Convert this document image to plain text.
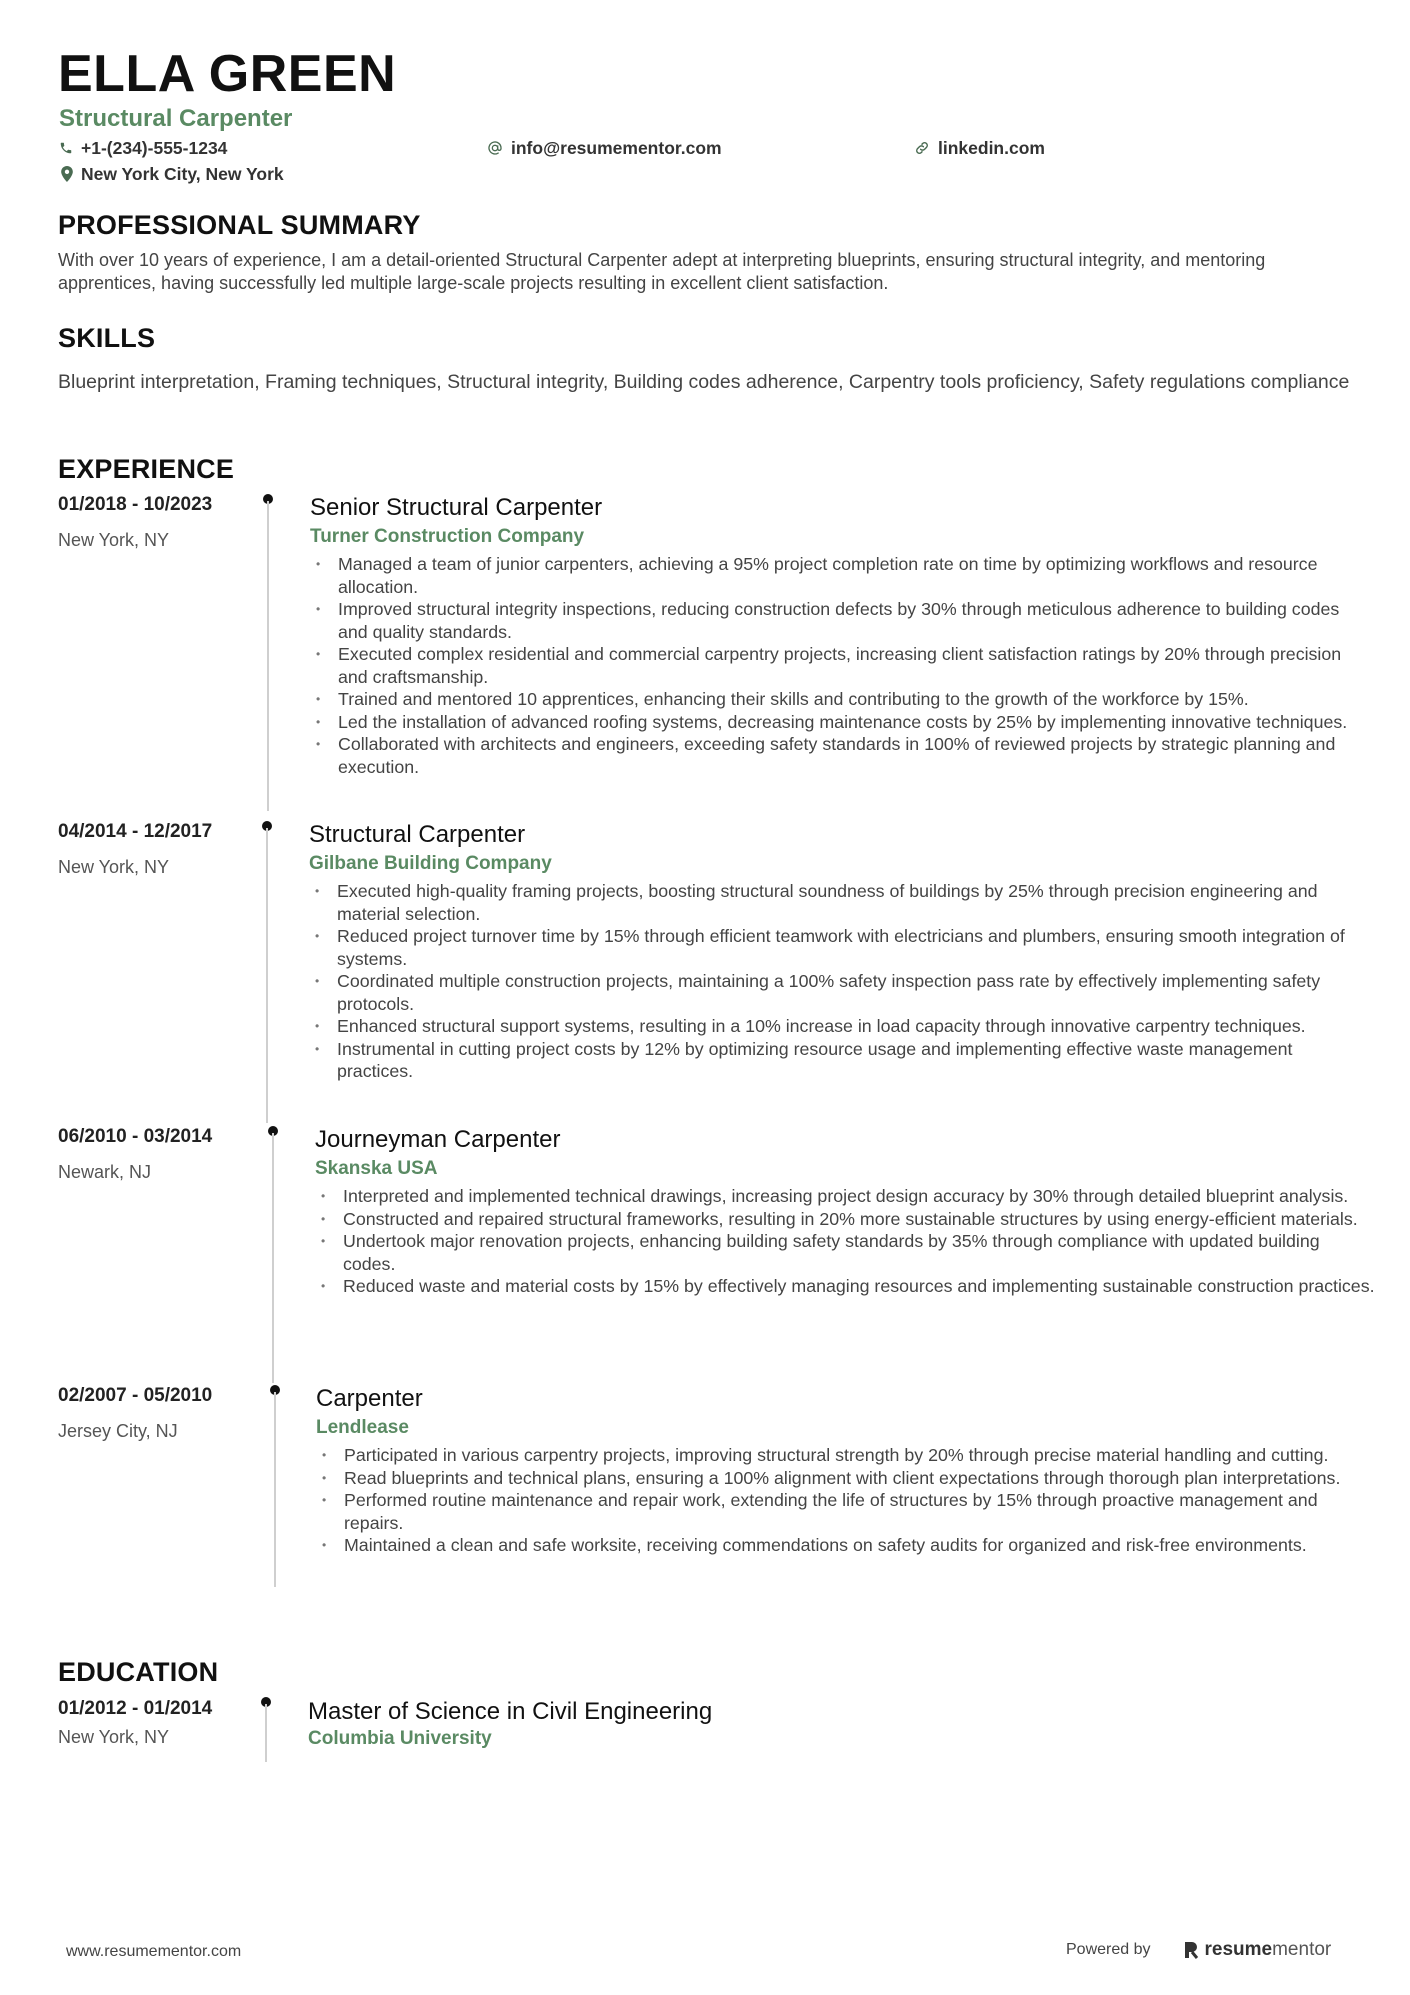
ELLA GREEN
Structural Carpenter
+1-(234)-555-1234	info@resumementor.com	linkedin.com
New York City, New York
PROFESSIONAL SUMMARY

With over 10 years of experience, I am a detail-oriented Structural Carpenter adept at interpreting blueprints, ensuring structural integrity, and mentoring apprentices, having successfully led multiple large-scale projects resulting in excellent client satisfaction.

SKILLS

Blueprint interpretation, Framing techniques, Structural integrity, Building codes adherence, Carpentry tools proficiency, Safety regulations compliance

EXPERIENCE
01/2018 - 10/2023
New York, NY
Senior Structural Carpenter
Turner Construction Company
• Managed a team of junior carpenters, achieving a 95% project completion rate on time by optimizing workflows and resource allocation.
• Improved structural integrity inspections, reducing construction defects by 30% through meticulous adherence to building codes and quality standards.
• Executed complex residential and commercial carpentry projects, increasing client satisfaction ratings by 20% through precision and craftsmanship.
• Trained and mentored 10 apprentices, enhancing their skills and contributing to the growth of the workforce by 15%.
• Led the installation of advanced roofing systems, decreasing maintenance costs by 25% by implementing innovative techniques.
• Collaborated with architects and engineers, exceeding safety standards in 100% of reviewed projects by strategic planning and execution.
04/2014 - 12/2017
New York, NY
Structural Carpenter
Gilbane Building Company
• Executed high-quality framing projects, boosting structural soundness of buildings by 25% through precision engineering and material selection.
• Reduced project turnover time by 15% through efficient teamwork with electricians and plumbers, ensuring smooth integration of systems.
• Coordinated multiple construction projects, maintaining a 100% safety inspection pass rate by effectively implementing safety protocols.
• Enhanced structural support systems, resulting in a 10% increase in load capacity through innovative carpentry techniques.
• Instrumental in cutting project costs by 12% by optimizing resource usage and implementing effective waste management practices.
06/2010 - 03/2014
Newark, NJ
Journeyman Carpenter
Skanska USA
• Interpreted and implemented technical drawings, increasing project design accuracy by 30% through detailed blueprint analysis.
• Constructed and repaired structural frameworks, resulting in 20% more sustainable structures by using energy-efficient materials.
• Undertook major renovation projects, enhancing building safety standards by 35% through compliance with updated building codes.
• Reduced waste and material costs by 15% by effectively managing resources and implementing sustainable construction practices.
02/2007 - 05/2010
Jersey City, NJ
Carpenter
Lendlease
• Participated in various carpentry projects, improving structural strength by 20% through precise material handling and cutting.
• Read blueprints and technical plans, ensuring a 100% alignment with client expectations through thorough plan interpretations.
• Performed routine maintenance and repair work, extending the life of structures by 15% through proactive management and repairs.
• Maintained a clean and safe worksite, receiving commendations on safety audits for organized and risk-free environments.
EDUCATION
01/2012 - 01/2014
New York, NY
Master of Science in Civil Engineering
Columbia University
www.resumementor.com	Powered by	resume mentor
